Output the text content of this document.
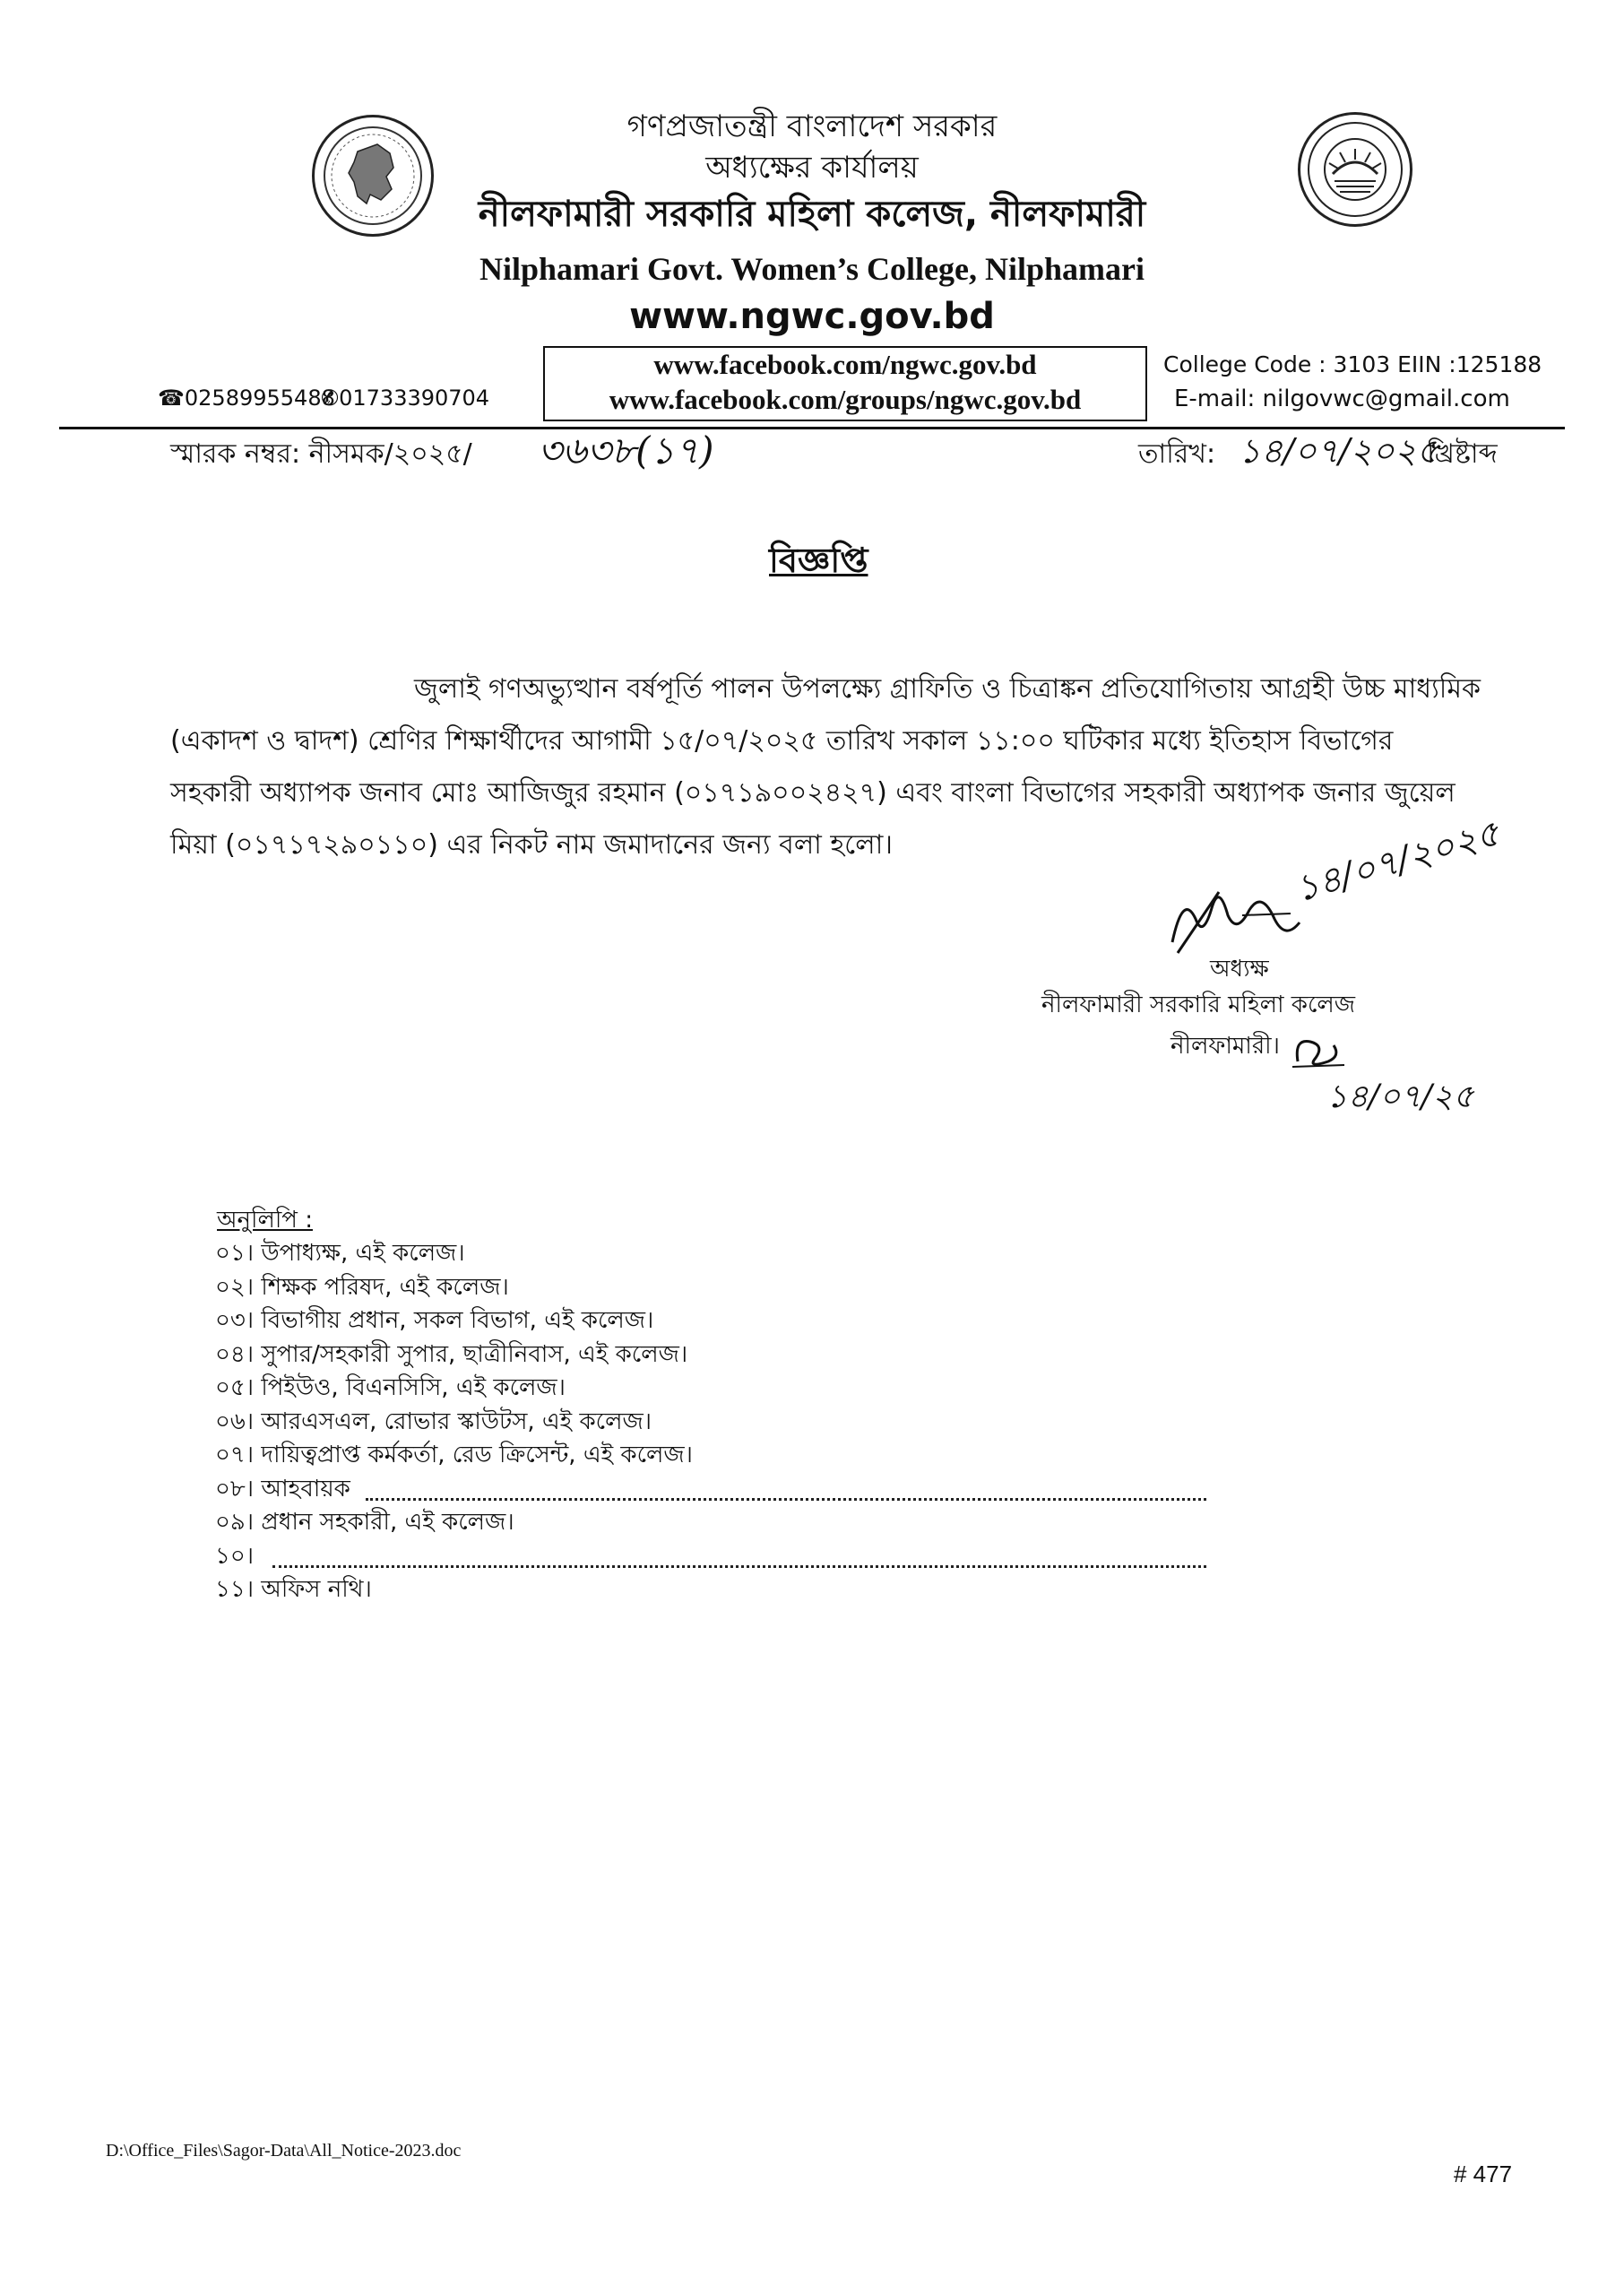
গণপ্রজাতন্ত্রী বাংলাদেশ সরকার
অধ্যক্ষের কার্যালয়
নীলফামারী সরকারি মহিলা কলেজ, নীলফামারী
Nilphamari Govt. Women’s College, Nilphamari
www.ngwc.gov.bd
☎02589955488
✆01733390704
www.facebook.com/ngwc.gov.bd
www.facebook.com/groups/ngwc.gov.bd
College Code : 3103 EIIN :125188
E-mail: nilgovwc@gmail.com
স্মারক নম্বর: নীসমক/২০২৫/ ৩৬৩৮(১৭)	তারিখ: ১৪/০৭/২০২৫
খ্রিষ্টাব্দ
বিজ্ঞপ্তি
জুলাই গণঅভ্যুত্থান বর্ষপূর্তি পালন উপলক্ষ্যে গ্রাফিতি ও চিত্রাঙ্কন প্রতিযোগিতায় আগ্রহী উচ্চ মাধ্যমিক
(একাদশ ও দ্বাদশ) শ্রেণির শিক্ষার্থীদের আগামী ১৫/০৭/২০২৫ তারিখ সকাল ১১:০০ ঘটিকার মধ্যে ইতিহাস বিভাগের
সহকারী অধ্যাপক জনাব মোঃ আজিজুর রহমান (০১৭১৯০০২৪২৭) এবং বাংলা বিভাগের সহকারী অধ্যাপক জনার জুয়েল
মিয়া (০১৭১৭২৯০১১০) এর নিকট নাম জমাদানের জন্য বলা হলো।	১৪/০৭/২০২৫
অধ্যক্ষ
নীলফামারী সরকারি মহিলা কলেজ
নীলফামারী।
১৪/০৭/২৫
অনুলিপি :
০১। উপাধ্যক্ষ, এই কলেজ।
০২। শিক্ষক পরিষদ, এই কলেজ।
০৩। বিভাগীয় প্রধান, সকল বিভাগ, এই কলেজ।
০৪। সুপার/সহকারী সুপার, ছাত্রীনিবাস, এই কলেজ।
০৫। পিইউও, বিএনসিসি, এই কলেজ।
০৬। আরএসএল, রোভার স্কাউটস, এই কলেজ।
০৭। দায়িত্বপ্রাপ্ত কর্মকর্তা, রেড ক্রিসেন্ট, এই কলেজ।
০৮। আহবায়ক
০৯। প্রধান সহকারী, এই কলেজ।
১০।
১১। অফিস নথি।
D:\Office_Files\Sagor-Data\All_Notice-2023.doc
# 477
